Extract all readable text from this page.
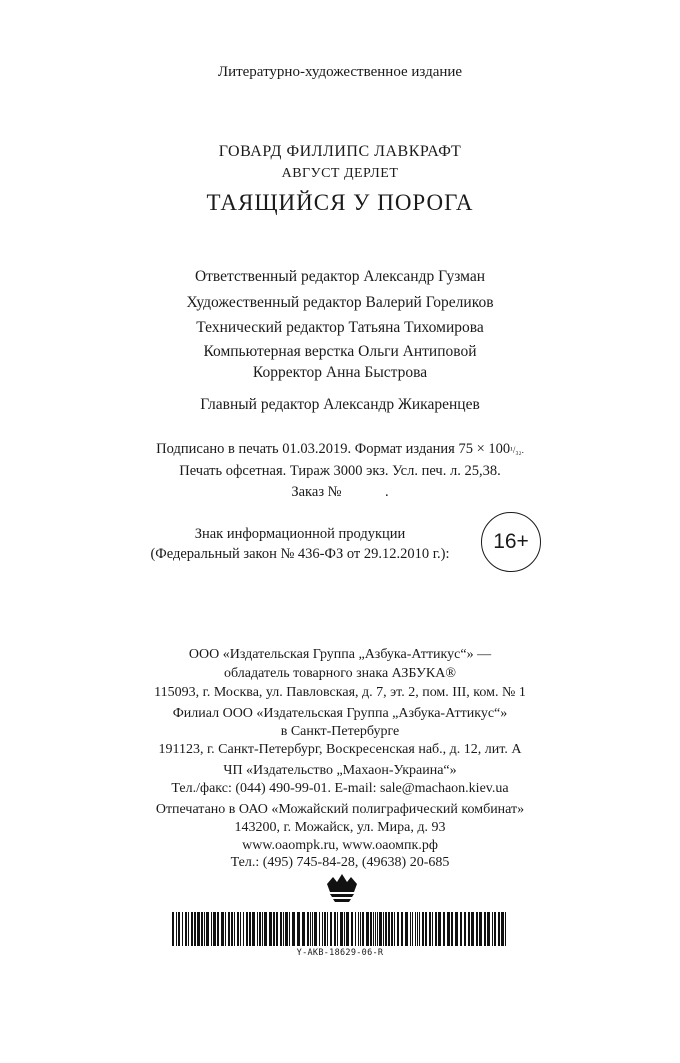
Литературно-художественное издание
ГОВАРД ФИЛЛИПС ЛАВКРАФТ
АВГУСТ ДЕРЛЕТ
ТАЯЩИЙСЯ У ПОРОГА
Ответственный редактор Александр Гузман
Художественный редактор Валерий Гореликов
Технический редактор Татьяна Тихомирова
Компьютерная верстка Ольги Антиповой
Корректор Анна Быстрова
Главный редактор Александр Жикаренцев
Подписано в печать 01.03.2019. Формат издания 75 × 100¹/₃₂.
Печать офсетная. Тираж 3000 экз. Усл. печ. л. 25,38.
Заказ №            .
Знак информационной продукции
(Федеральный закон № 436-ФЗ от 29.12.2010 г.):
16+
ООО «Издательская Группа „Азбука-Аттикус“» —
обладатель товарного знака АЗБУКА®
115093, г. Москва, ул. Павловская, д. 7, эт. 2, пом. III, ком. № 1
Филиал ООО «Издательская Группа „Азбука-Аттикус“»
в Санкт-Петербурге
191123, г. Санкт-Петербург, Воскресенская наб., д. 12, лит. А
ЧП «Издательство „Махаон-Украина“»
Тел./факс: (044) 490-99-01. E-mail: sale@machaon.kiev.ua
Отпечатано в ОАО «Можайский полиграфический комбинат»
143200, г. Можайск, ул. Мира, д. 93
www.oaompk.ru, www.оаомпк.рф
Тел.: (495) 745-84-28, (49638) 20-685
Y-AKB-18629-06-R
